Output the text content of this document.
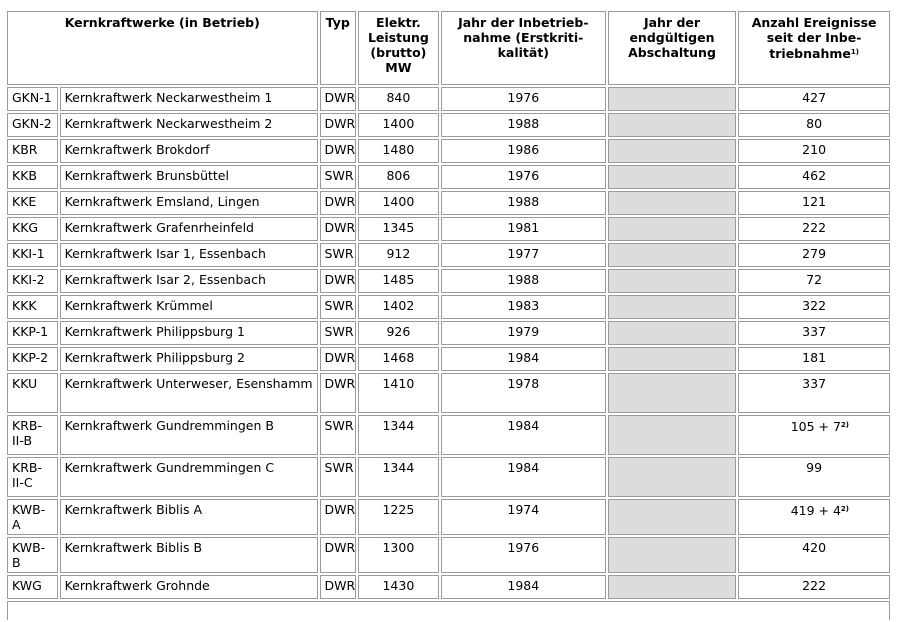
Kernkraftwerke (in Betrieb)		Typ	Elektr. Leistung (brutto) MW	Jahr der Inbetrieb-nahme (Erstkriti-kalität)	Jahr der endgültigen Abschaltung	Anzahl Ereignisse seit der Inbe-triebnahme$^{1)}$
GKN-1	Kernkraftwerk Neckarwestheim 1	DWR	840	1976		427
GKN-2	Kernkraftwerk Neckarwestheim 2	DWR	1400	1988		80
KBR	Kernkraftwerk Brokdorf	DWR	1480	1986		210
KKB	Kernkraftwerk Brunsbüttel	SWR	806	1976		462
KKE	Kernkraftwerk Emsland, Lingen	DWR	1400	1988		121
KKG	Kernkraftwerk Grafenrheinfeld	DWR	1345	1981		222
KKI-1	Kernkraftwerk Isar 1, Essenbach	SWR	912	1977		279
KKI-2	Kernkraftwerk Isar 2, Essenbach	DWR	1485	1988		72
KKK	Kernkraftwerk Krümmel	SWR	1402	1983		322
KKP-1	Kernkraftwerk Philippsburg 1	SWR	926	1979		337
KKP-2	Kernkraftwerk Philippsburg 2	DWR	1468	1984		181
KKU	Kernkraftwerk Unterweser, Esenshamm	DWR	1410	1978		337
KRB-II-B	Kernkraftwerk Gundremmingen B	SWR	1344	1984		$105 + 7^{2)}$
KRB-II-C	Kernkraftwerk Gundremmingen C	SWR	1344	1984		99
KWB-A	Kernkraftwerk Biblis A	DWR	1225	1974		$419 + 4^{2)}$
KWB-B	Kernkraftwerk Biblis B	DWR	1300	1976		420
KWG	Kernkraftwerk Grohnde	DWR	1430	1984		222
